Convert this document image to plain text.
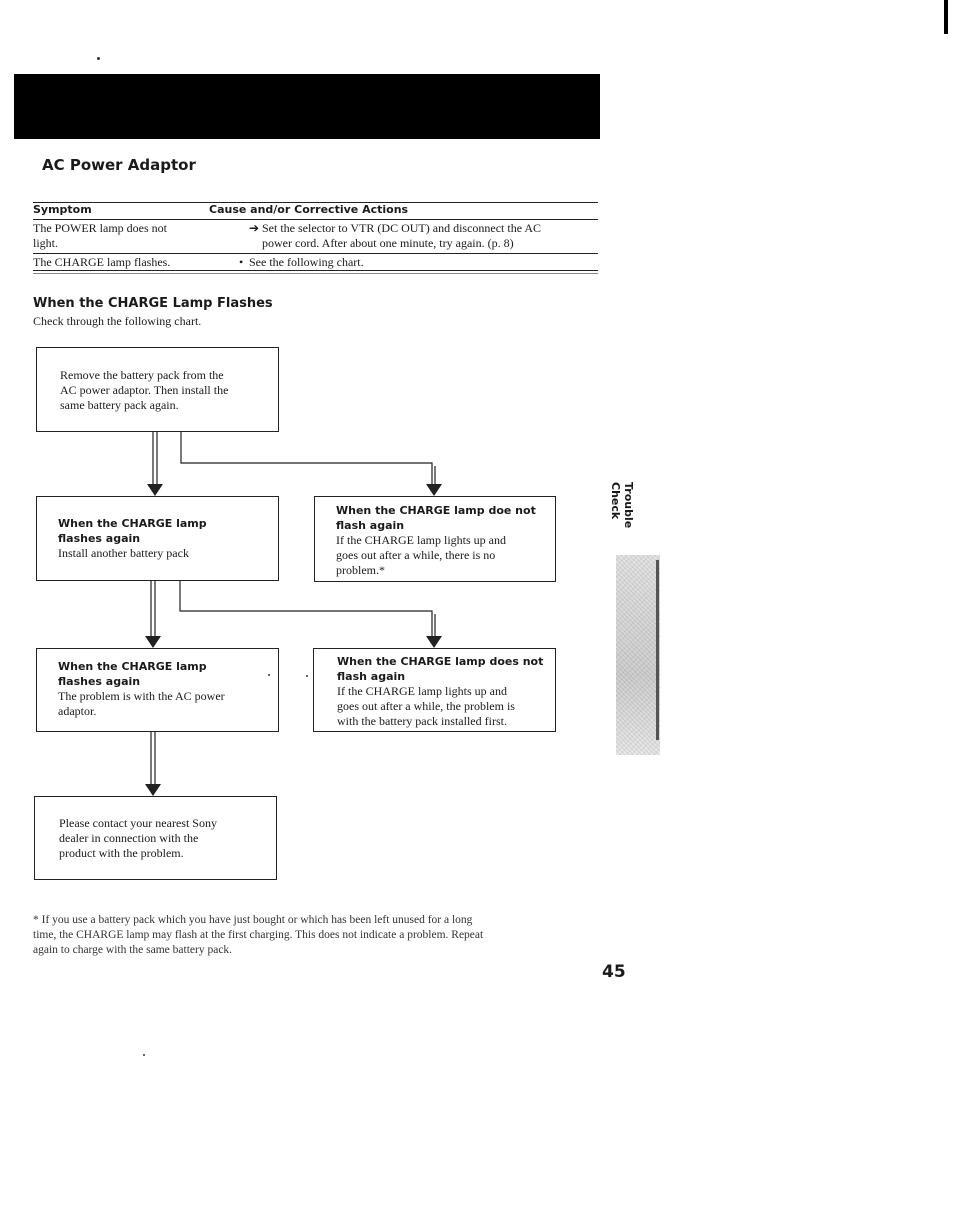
AC Power Adaptor
Symptom	Cause and/or Corrective Actions
The POWER lamp does not
light.
➔ Set the selector to VTR (DC OUT) and disconnect the AC
power cord. After about one minute, try again. (p. 8)
The CHARGE lamp flashes.	• See the following chart.
When the CHARGE Lamp Flashes
Check through the following chart.
Remove the battery pack from the
AC power adaptor. Then install the
same battery pack again.
When the CHARGE lamp
flashes again
Install another battery pack
When the CHARGE lamp doe not
flash again
If the CHARGE lamp lights up and
goes out after a while, there is no
problem.*
When the CHARGE lamp
flashes again
The problem is with the AC power
adaptor.
When the CHARGE lamp does not
flash again
If the CHARGE lamp lights up and
goes out after a while, the problem is
with the battery pack installed first.
Please contact your nearest Sony
dealer in connection with the
product with the problem.
* If you use a battery pack which you have just bought or which has been left unused for a long
time, the CHARGE lamp may flash at the first charging. This does not indicate a problem. Repeat
again to charge with the same battery pack.
45
Trouble Check
